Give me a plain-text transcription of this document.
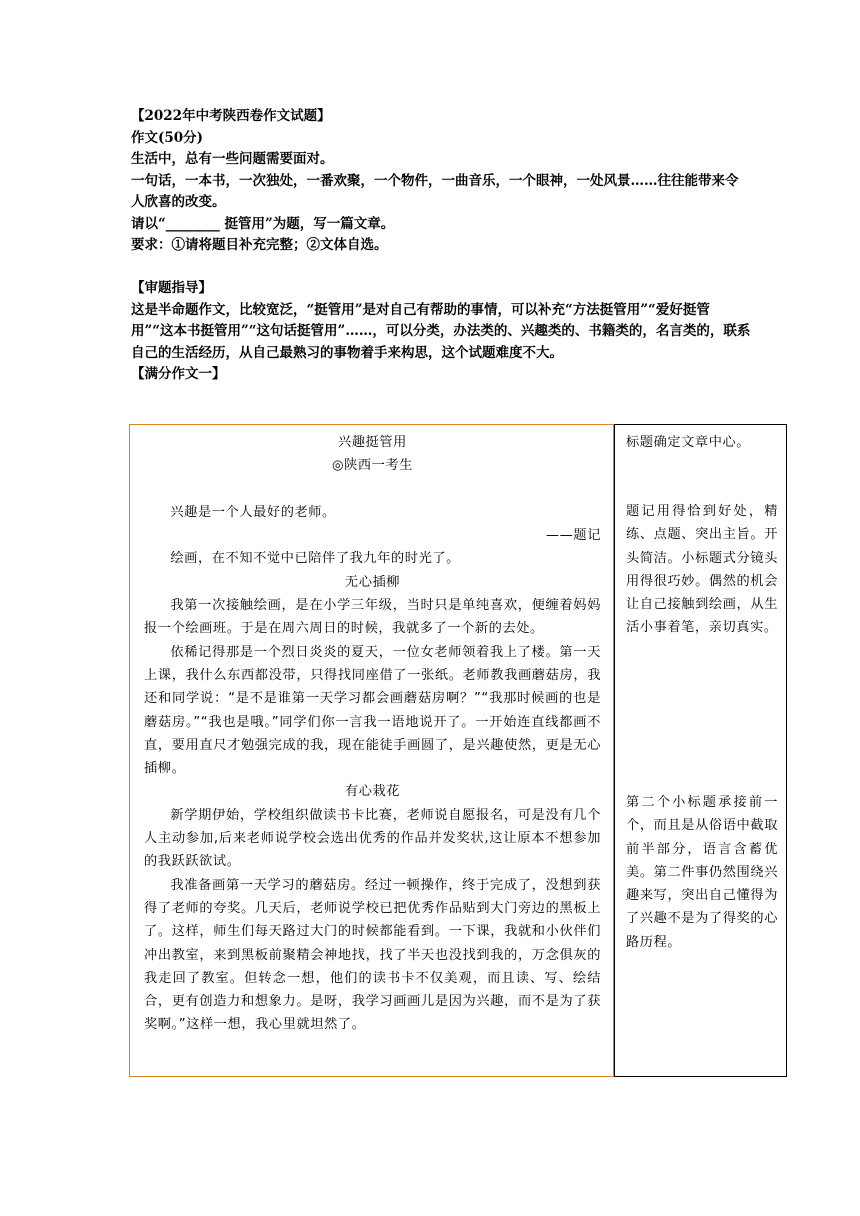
【2022年中考陕西卷作文试题】

作文(50分)

生活中，总有一些问题需要面对。

一句话，一本书，一次独处，一番欢聚，一个物件，一曲音乐，一个眼神，一处风景……往往能带来令人欣喜的改变。

请以“________ 挺管用”为题，写一篇文章。

要求：①请将题目补充完整；②文体自选。

【审题指导】

这是半命题作文，比较宽泛，“挺管用”是对自己有帮助的事情，可以补充“方法挺管用”“爱好挺管用”“这本书挺管用”“这句话挺管用”……，可以分类，办法类的、兴趣类的、书籍类的，名言类的，联系自己的生活经历，从自己最熟习的事物着手来构思，这个试题难度不大。

【满分作文一】

兴趣挺管用

◎陕西一考生

兴趣是一个人最好的老师。

——题记

绘画，在不知不觉中已陪伴了我九年的时光了。

无心插柳

我第一次接触绘画，是在小学三年级，当时只是单纯喜欢，便缠着妈妈报一个绘画班。于是在周六周日的时候，我就多了一个新的去处。

依稀记得那是一个烈日炎炎的夏天，一位女老师领着我上了楼。第一天上课，我什么东西都没带，只得找同座借了一张纸。老师教我画蘑菇房，我还和同学说：“是不是谁第一天学习都会画蘑菇房啊？”“我那时候画的也是蘑菇房。”“我也是哦。”同学们你一言我一语地说开了。一开始连直线都画不直，要用直尺才勉强完成的我，现在能徒手画圆了，是兴趣使然，更是无心插柳。

有心栽花

新学期伊始，学校组织做读书卡比赛，老师说自愿报名，可是没有几个人主动参加,后来老师说学校会选出优秀的作品并发奖状,这让原本不想参加的我跃跃欲试。

我准备画第一天学习的蘑菇房。经过一顿操作，终于完成了，没想到获得了老师的夸奖。几天后，老师说学校已把优秀作品贴到大门旁边的黑板上了。这样，师生们每天路过大门的时候都能看到。一下课，我就和小伙伴们冲出教室，来到黑板前聚精会神地找，找了半天也没找到我的，万念俱灰的我走回了教室。但转念一想，他们的读书卡不仅美观，而且读、写、绘结合，更有创造力和想象力。是呀，我学习画画儿是因为兴趣，而不是为了获奖啊。”这样一想，我心里就坦然了。

标题确定文章中心。

题记用得恰到好处，精练、点题、突出主旨。开头简洁。小标题式分镜头用得很巧妙。偶然的机会让自己接触到绘画，从生活小事着笔，亲切真实。

第二个小标题承接前一个，而且是从俗语中截取前半部分，语言含蓄优美。第二件事仍然围绕兴趣来写，突出自己懂得为了兴趣不是为了得奖的心路历程。
